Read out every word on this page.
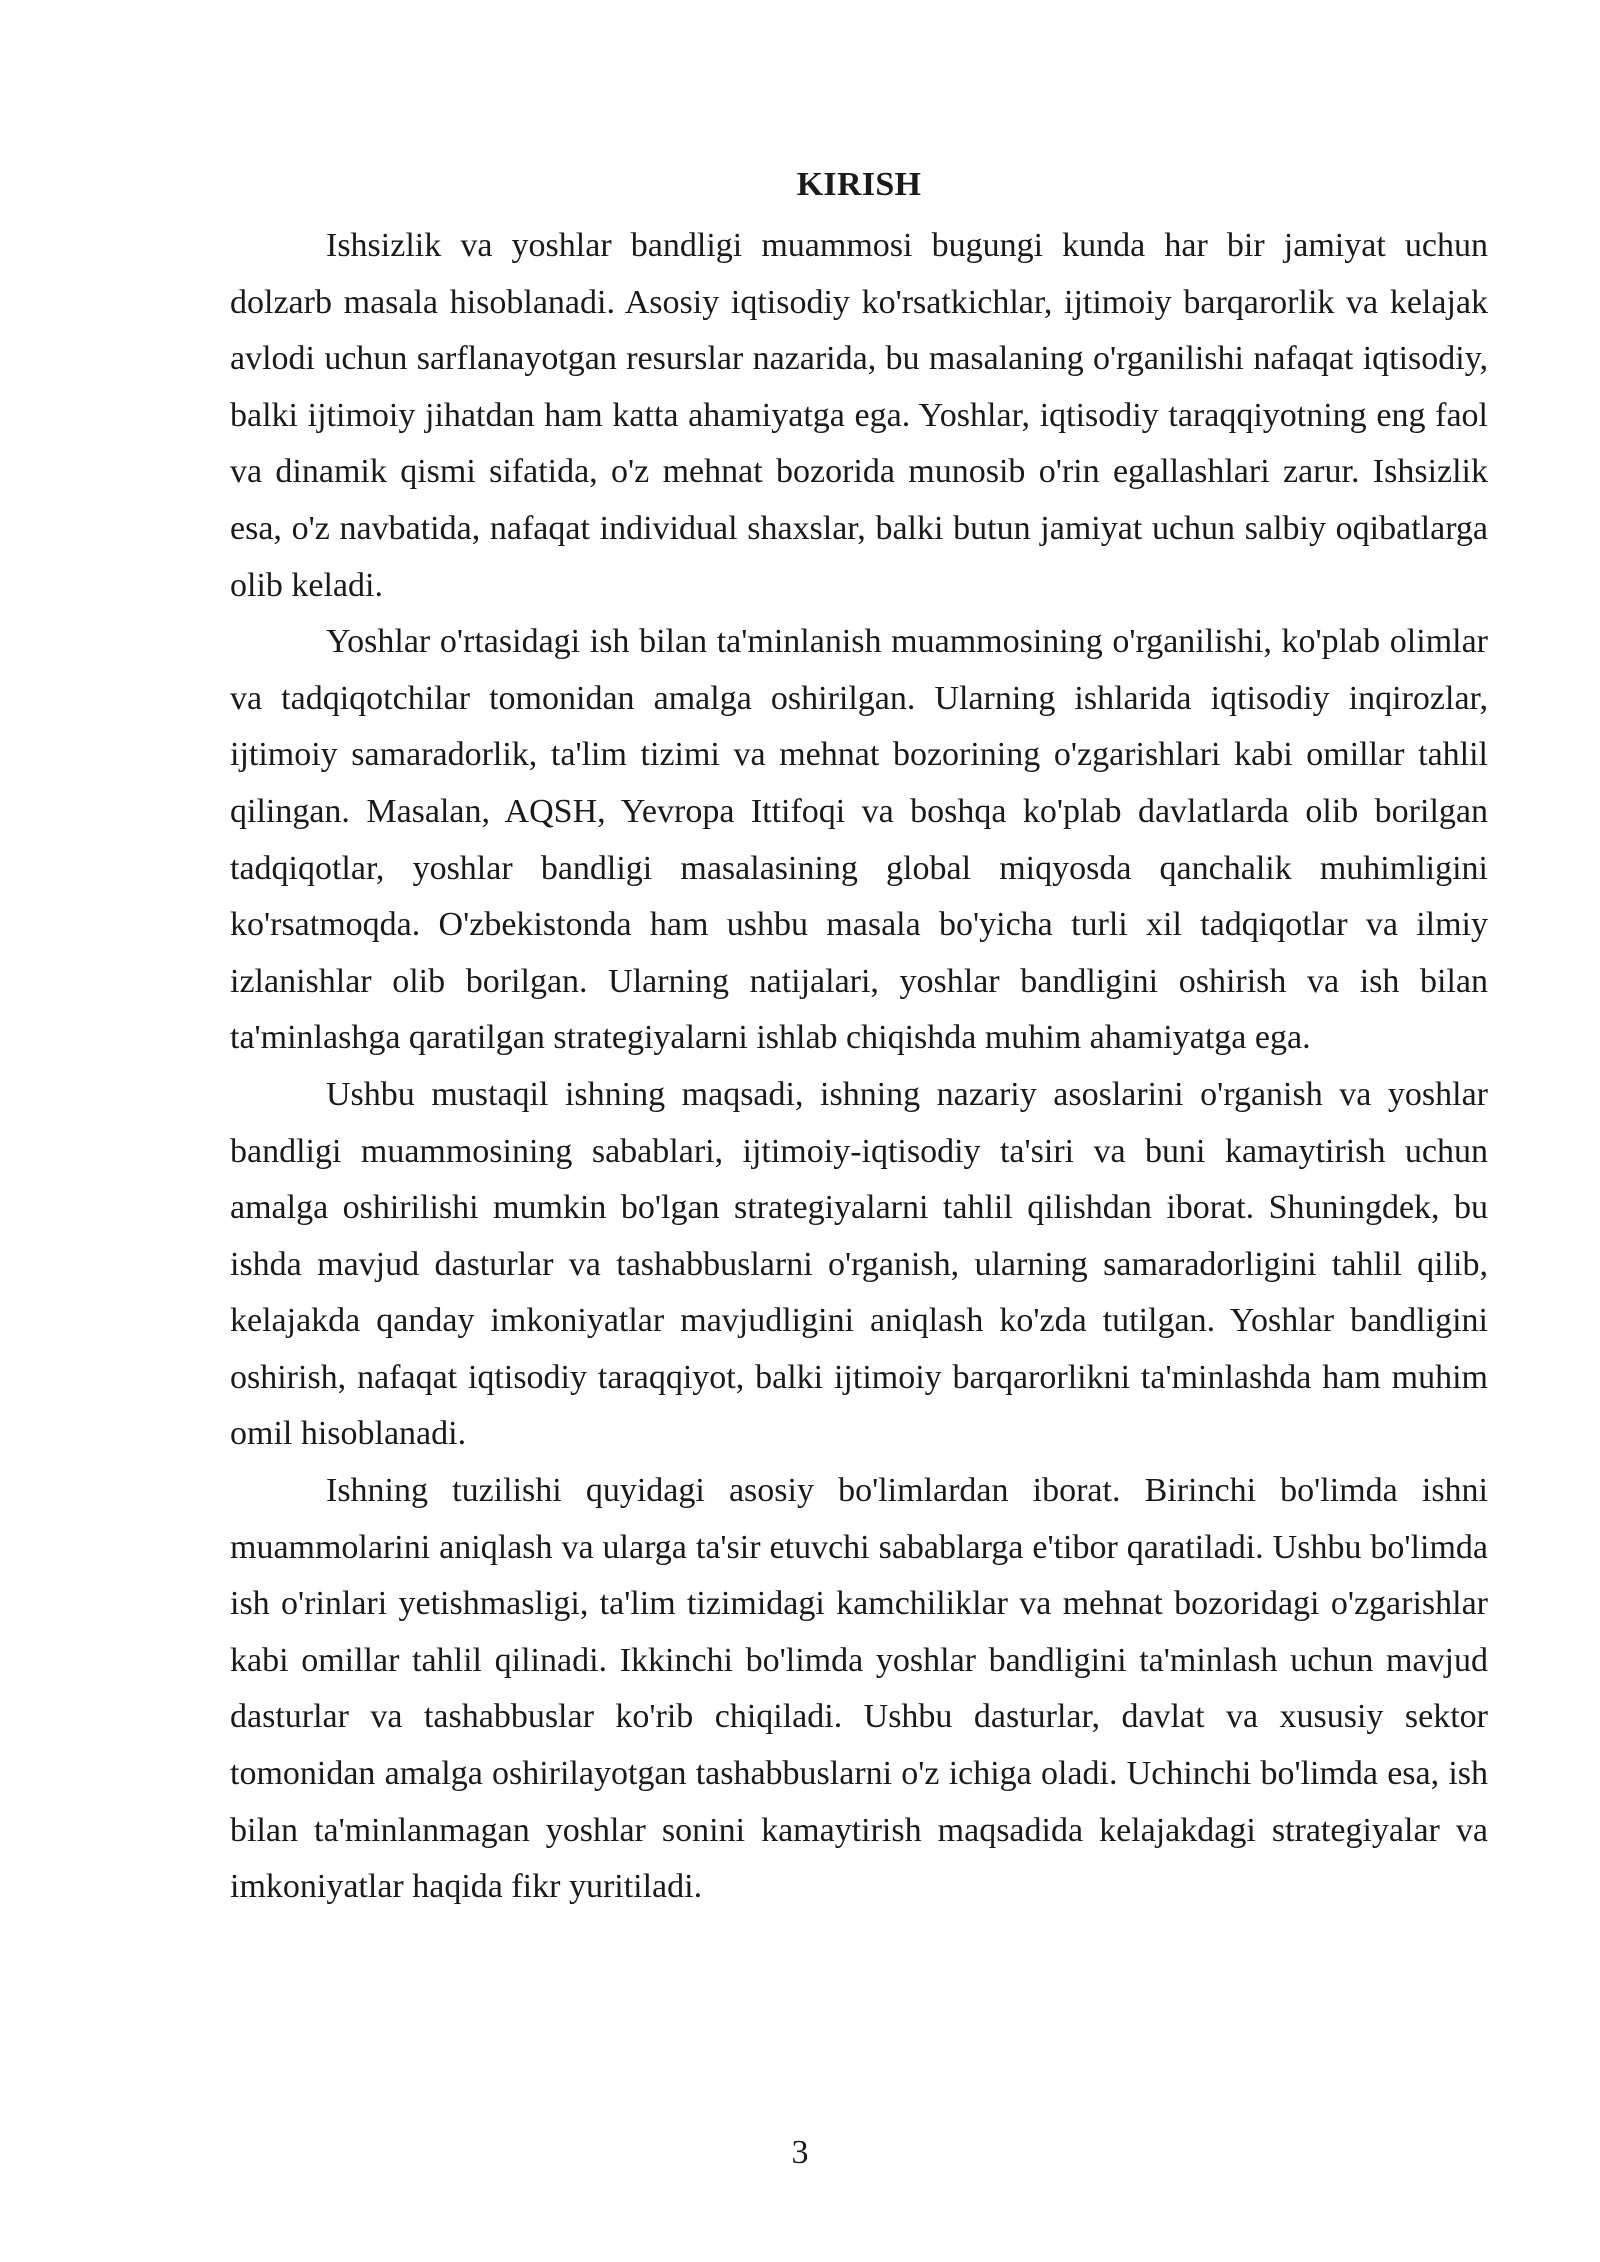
KIRISH

Ishsizlik va yoshlar bandligi muammosi bugungi kunda har bir jamiyat uchun dolzarb masala hisoblanadi. Asosiy iqtisodiy ko'rsatkichlar, ijtimoiy barqarorlik va kelajak avlodi uchun sarflanayotgan resurslar nazarida, bu masalaning o'rganilishi nafaqat iqtisodiy, balki ijtimoiy jihatdan ham katta ahamiyatga ega. Yoshlar, iqtisodiy taraqqiyotning eng faol va dinamik qismi sifatida, o'z mehnat bozorida munosib o'rin egallashlari zarur. Ishsizlik esa, o'z navbatida, nafaqat individual shaxslar, balki butun jamiyat uchun salbiy oqibatlarga olib keladi.

Yoshlar o'rtasidagi ish bilan ta'minlanish muammosining o'rganilishi, ko'plab olimlar va tadqiqotchilar tomonidan amalga oshirilgan. Ularning ishlarida iqtisodiy inqirozlar, ijtimoiy samaradorlik, ta'lim tizimi va mehnat bozorining o'zgarishlari kabi omillar tahlil qilingan. Masalan, AQSH, Yevropa Ittifoqi va boshqa ko'plab davlatlarda olib borilgan tadqiqotlar, yoshlar bandligi masalasining global miqyosda qanchalik muhimligini ko'rsatmoqda. O'zbekistonda ham ushbu masala bo'yicha turli xil tadqiqotlar va ilmiy izlanishlar olib borilgan. Ularning natijalari, yoshlar bandligini oshirish va ish bilan ta'minlashga qaratilgan strategiyalarni ishlab chiqishda muhim ahamiyatga ega.

Ushbu mustaqil ishning maqsadi, ishning nazariy asoslarini o'rganish va yoshlar bandligi muammosining sabablari, ijtimoiy-iqtisodiy ta'siri va buni kamaytirish uchun amalga oshirilishi mumkin bo'lgan strategiyalarni tahlil qilishdan iborat. Shuningdek, bu ishda mavjud dasturlar va tashabbuslarni o'rganish, ularning samaradorligini tahlil qilib, kelajakda qanday imkoniyatlar mavjudligini aniqlash ko'zda tutilgan. Yoshlar bandligini oshirish, nafaqat iqtisodiy taraqqiyot, balki ijtimoiy barqarorlikni ta'minlashda ham muhim omil hisoblanadi.

Ishning tuzilishi quyidagi asosiy bo'limlardan iborat. Birinchi bo'limda ishni muammolarini aniqlash va ularga ta'sir etuvchi sabablarga e'tibor qaratiladi. Ushbu bo'limda ish o'rinlari yetishmasligi, ta'lim tizimidagi kamchiliklar va mehnat bozoridagi o'zgarishlar kabi omillar tahlil qilinadi. Ikkinchi bo'limda yoshlar bandligini ta'minlash uchun mavjud dasturlar va tashabbuslar ko'rib chiqiladi. Ushbu dasturlar, davlat va xususiy sektor tomonidan amalga oshirilayotgan tashabbuslarni o'z ichiga oladi. Uchinchi bo'limda esa, ish bilan ta'minlanmagan yoshlar sonini kamaytirish maqsadida kelajakdagi strategiyalar va imkoniyatlar haqida fikr yuritiladi.

3
